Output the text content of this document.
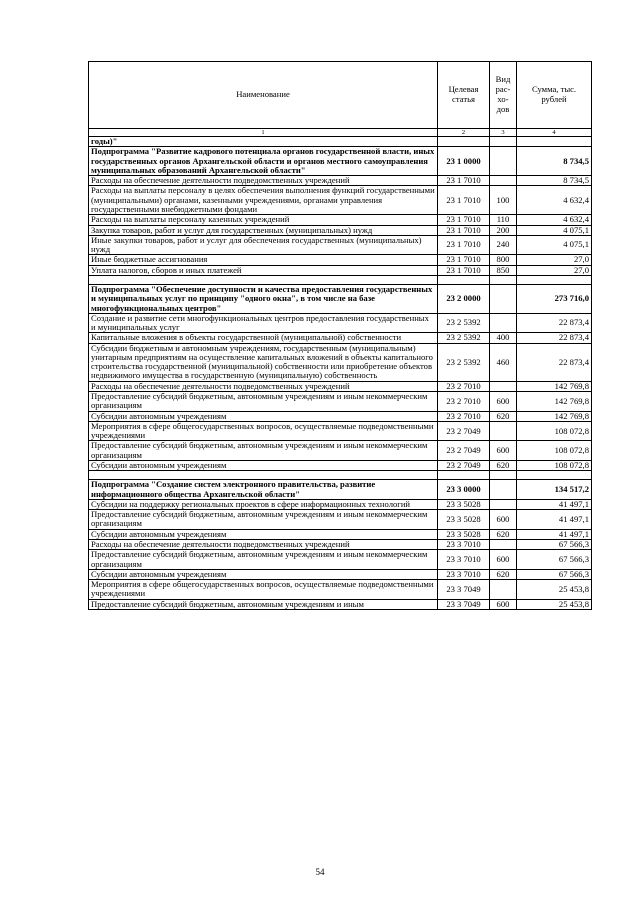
Наименование	Целевая статья	Вид рас-хо-дов	Сумма, тыс. рублей
1	2	3	4
годы)"			
Подпрограмма "Развитие кадрового потенциала органов государственной власти, иных государственных органов Архангельской области и органов местного самоуправления муниципальных образований Архангельской области"	23 1 0000		8 734,5
Расходы на обеспечение деятельности подведомственных учреждений	23 1 7010		8 734,5
Расходы на выплаты персоналу в целях обеспечения выполнения функций государственными (муниципальными) органами, казенными учреждениями, органами управления государственными внебюджетными фондами	23 1 7010	100	4 632,4
Расходы на выплаты персоналу казенных учреждений	23 1 7010	110	4 632,4
Закупка товаров, работ и услуг для государственных (муниципальных) нужд	23 1 7010	200	4 075,1
Иные закупки товаров, работ и услуг для обеспечения государственных (муниципальных) нужд	23 1 7010	240	4 075,1
Иные бюджетные ассигнования	23 1 7010	800	27,0
Уплата налогов, сборов и иных платежей	23 1 7010	850	27,0

Подпрограмма "Обеспечение доступности и качества предоставления государственных и муниципальных услуг по принципу "одного окна", в том числе на базе многофункциональных центров"	23 2 0000		273 716,0
Создание и развитие сети многофункциональных центров предоставления государственных и муниципальных услуг	23 2 5392		22 873,4
Капитальные вложения в объекты государственной (муниципальной) собственности	23 2 5392	400	22 873,4
Субсидии бюджетным и автономным учреждениям, государственным (муниципальным) унитарным предприятиям на осуществление капитальных вложений в объекты капитального строительства государственной (муниципальной) собственности или приобретение объектов недвижимого имущества в государственную (муниципальную) собственность	23 2 5392	460	22 873,4
Расходы на обеспечение деятельности подведомственных учреждений	23 2 7010		142 769,8
Предоставление субсидий бюджетным, автономным учреждениям и иным некоммерческим организациям	23 2 7010	600	142 769,8
Субсидии автономным учреждениям	23 2 7010	620	142 769,8
Мероприятия в сфере общегосударственных вопросов, осуществляемые подведомственными учреждениями	23 2 7049		108 072,8
Предоставление субсидий бюджетным, автономным учреждениям и иным некоммерческим организациям	23 2 7049	600	108 072,8
Субсидии автономным учреждениям	23 2 7049	620	108 072,8

Подпрограмма "Создание систем электронного правительства, развитие информационного общества Архангельской области"	23 3 0000		134 517,2
Субсидии на поддержку региональных проектов в сфере информационных технологий	23 3 5028		41 497,1
Предоставление субсидий бюджетным, автономным учреждениям и иным некоммерческим организациям	23 3 5028	600	41 497,1
Субсидии автономным учреждениям	23 3 5028	620	41 497,1
Расходы на обеспечение деятельности подведомственных учреждений	23 3 7010		67 566,3
Предоставление субсидий бюджетным, автономным учреждениям и иным некоммерческим организациям	23 3 7010	600	67 566,3
Субсидии автономным учреждениям	23 3 7010	620	67 566,3
Мероприятия в сфере общегосударственных вопросов, осуществляемые подведомственными учреждениями	23 3 7049		25 453,8
Предоставление субсидий бюджетным, автономным учреждениям и иным	23 3 7049	600	25 453,8
54
